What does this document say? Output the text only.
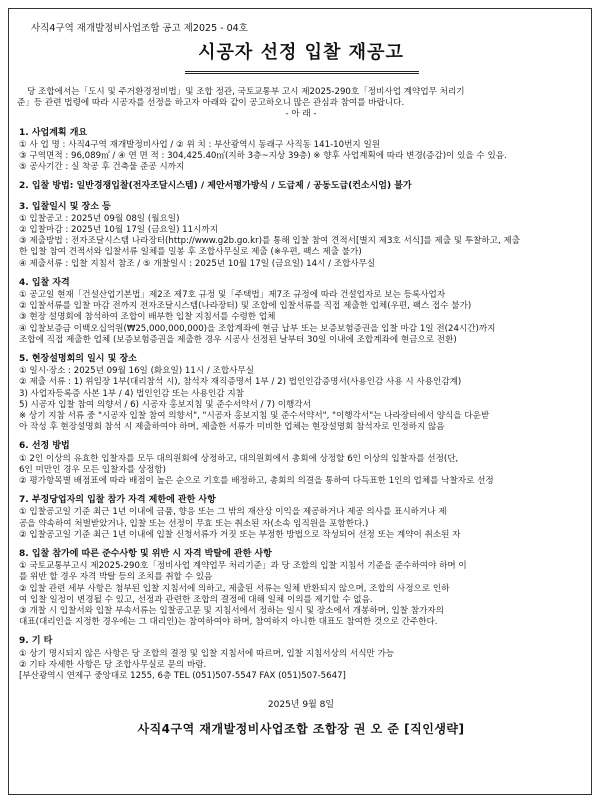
사직4구역 재개발정비사업조합 공고 제2025 - 04호
시공자 선정 입찰 재공고
당 조합에서는「도시 및 주거환경정비법」및 조합 정관, 국토교통부 고시 제2025-290호「정비사업 계약업무 처리기
준」등 관련 법령에 따라 시공자를 선정을 하고자 아래와 같이 공고하오니 많은 관심과 참여를 바랍니다.
- 아 래 -
1. 사업계획 개요
① 사 업 명 : 사직4구역 재개발정비사업 / ② 위 치 : 부산광역시 동래구 사직동 141-10번지 일원
③ 구역면적 : 96,089㎡ / ④ 연 면 적 : 304,425.40㎡(지하 3층~지상 39층) ※ 향후 사업계획에 따라 변경(증감)이 있을 수 있음.
⑤ 공사기간 : 실 착공 후 건축물 준공 시까지
2. 입찰 방법: 일반경쟁입찰(전자조달시스템) / 제안서평가방식 / 도급제 / 공동도급(컨소시엄) 불가
3. 입찰일시 및 장소 등
① 입찰공고 : 2025년 09월 08일 (월요일)
② 입찰마감 : 2025년 10월 17일 (금요일) 11시까지
③ 제출방법 : 전자조달시스템 나라장터(http://www.g2b.go.kr)를 통해 입찰 참여 견적서[별지 제3호 서식]를 제출 및 투찰하고, 제출
한 입찰 참여 견적서와 입찰서류 일체를 밀봉 후 조합사무실로 제출 (※우편, 팩스 제출 불가)
④ 제출서류 : 입찰 지침서 참조 / ⑤ 개찰일시 : 2025년 10월 17일 (금요일) 14시 / 조합사무실
4. 입찰 자격
① 공고일 현재「건설산업기본법」제2조 제7호 규정 및「주택법」제7조 규정에 따라 건설업자로 보는 등록사업자
② 입찰서류를 입찰 마감 전까지 전자조달시스템(나라장터) 및 조합에 입찰서류를 직접 제출한 업체(우편, 팩스 접수 불가)
③ 현장 설명회에 참석하여 조합이 배부한 입찰 지침서를 수령한 업체
④ 입찰보증금 이백오십억원(₩25,000,000,000)을 조합계좌에 현금 납부 또는 보증보험증권을 입찰 마감 1일 전(24시간)까지
조합에 직접 제출한 업체 (보증보험증권을 제출한 경우 시공사 선정된 날부터 30일 이내에 조합계좌에 현금으로 전환)
5. 현장설명회의 일시 및 장소
① 일시·장소 : 2025년 09월 16일 (화요일) 11시 / 조합사무실
② 제출 서류 : 1) 위임장 1부(대리참석 시), 참석자 재직증명서 1부 / 2) 법인인감증명서(사용인감 사용 시 사용인감계)
3) 사업자등록증 사본 1부 / 4) 법인인감 또는 사용인감 지참
5) 시공자 입찰 참여 의향서 / 6) 시공자 홍보지침 및 준수서약서 / 7) 이행각서
※ 상기 지참 서류 중 "시공자 입찰 참여 의향서", "시공자 홍보지침 및 준수서약서", "이행각서"는 나라장터에서 양식을 다운받
아 작성 후 현장설명회 참석 시 제출하여야 하며, 제출한 서류가 미비한 업체는 현장설명회 참석자로 인정하지 않음
6. 선정 방법
① 2인 이상의 유효한 입찰자를 모두 대의원회에 상정하고, 대의원회에서 총회에 상정할 6인 이상의 입찰자를 선정(단,
6인 미만인 경우 모든 입찰자를 상정함)
② 평가항목별 배점표에 따라 배점이 높은 순으로 기호를 배정하고, 총회의 의결을 통하여 다득표한 1인의 업체를 낙찰자로 선정
7. 부정당업자의 입찰 참가 자격 제한에 관한 사항
① 입찰공고일 기준 최근 1년 이내에 금품, 향응 또는 그 밖의 재산상 이익을 제공하거나 제공 의사를 표시하거나 제
공을 약속하여 처벌받았거나, 입찰 또는 선정이 무효 또는 취소된 자(소속 임직원을 포함한다.)
② 입찰공고일 기준 최근 1년 이내에 입찰 신청서류가 거짓 또는 부정한 방법으로 작성되어 선정 또는 계약이 취소된 자
8. 입찰 참가에 따른 준수사항 및 위반 시 자격 박탈에 관한 사항
① 국토교통부고시 제2025-290호「정비사업 계약업무 처리기준」과 당 조합의 입찰 지침서 기준을 준수하여야 하며 이
를 위반 할 경우 자격 박탈 등의 조치를 취할 수 있음
② 입찰 관련 세부 사항은 첨부된 입찰 지침서에 의하고, 제출된 서류는 일체 반환되지 않으며, 조합의 사정으로 인하
여 입찰 일정이 변경될 수 있고, 선정과 관련한 조합의 결정에 대해 일체 이의를 제기할 수 없음.
③ 개찰 시 입찰서와 입찰 부속서류는 입찰공고문 및 지침서에서 정하는 일시 및 장소에서 개봉하며, 입찰 참가자의
대표(대리인을 지정한 경우에는 그 대리인)는 참여하여야 하며, 참여하지 아니한 대표도 참여한 것으로 간주한다.
9. 기 타
① 상기 명시되지 않은 사항은 당 조합의 결정 및 입찰 지침서에 따르며, 입찰 지침서상의 서식만 가능
② 기타 자세한 사항은 당 조합사무실로 문의 바람.
[부산광역시 연제구 중앙대로 1255, 6층 TEL (051)507-5547 FAX (051)507-5647]
2025년 9월 8일
사직4구역 재개발정비사업조합 조합장 권 오 준 [직인생략]
